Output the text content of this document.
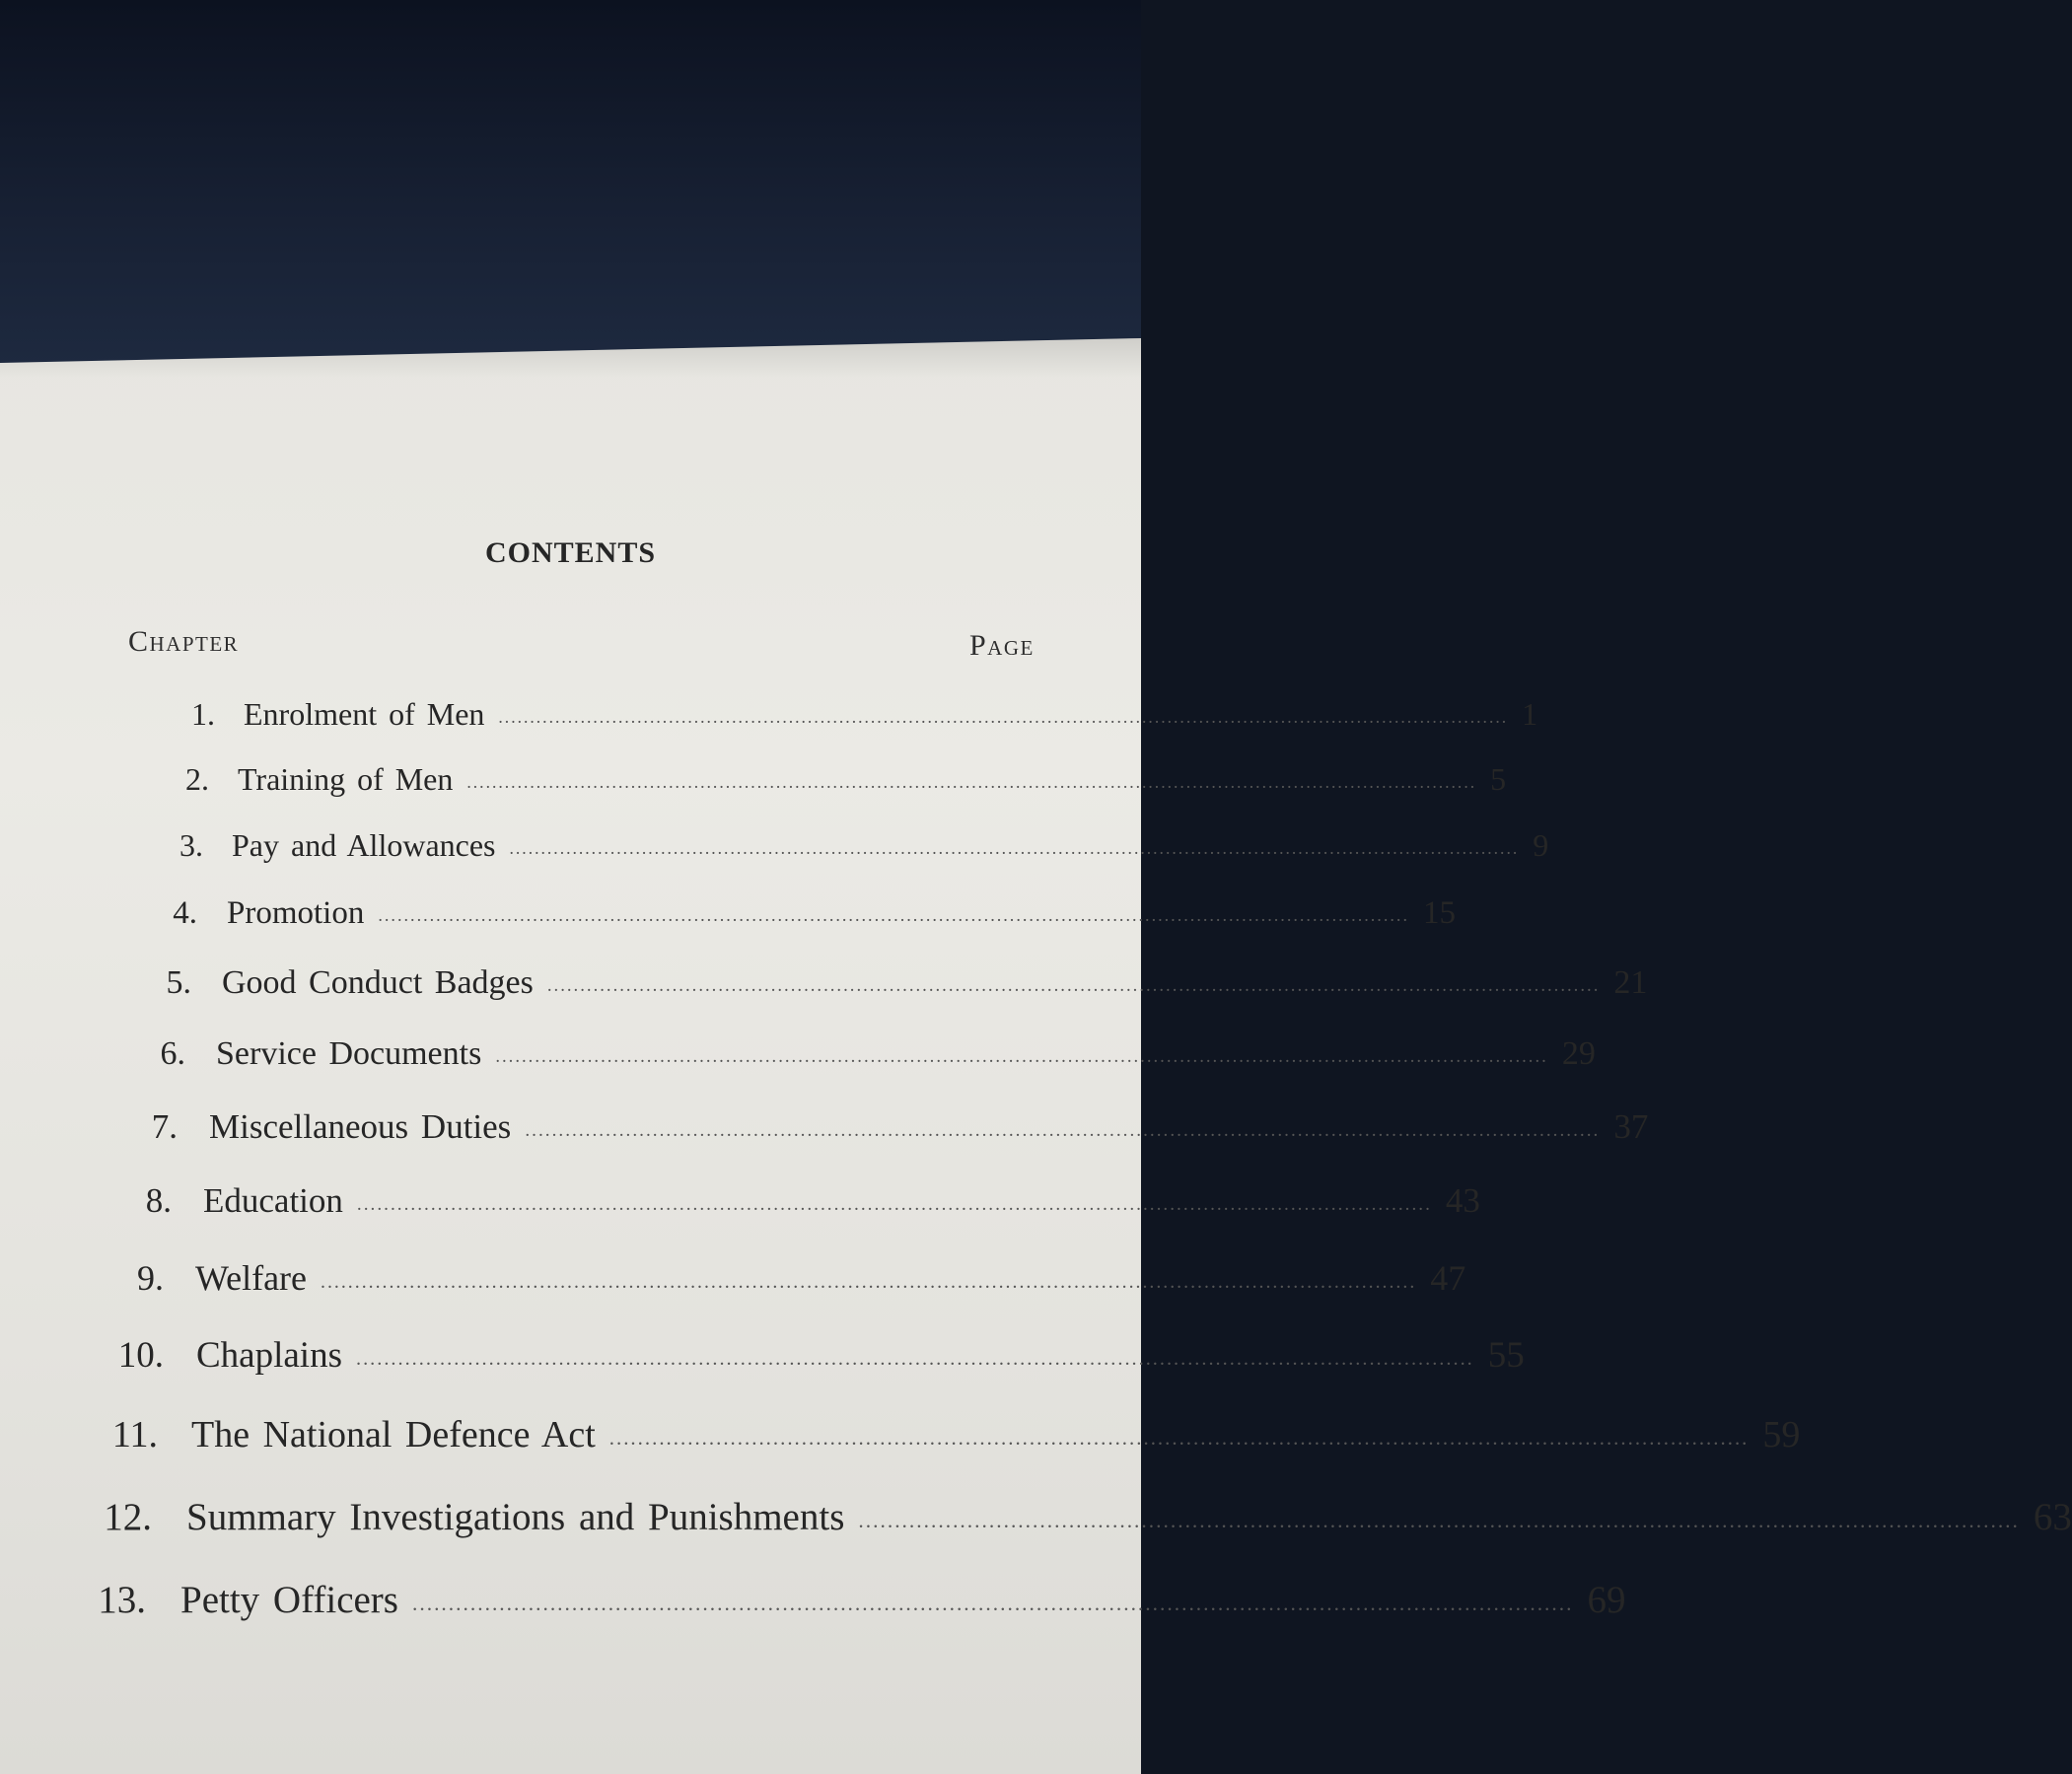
CONTENTS
Chapter	Page
1. Enrolment of Men ................................................................................................................................................................ 1
2. Training of Men ................................................................................................................................................................ 5
3. Pay and Allowances ................................................................................................................................................................ 9
4. Promotion ................................................................................................................................................................ 15
5. Good Conduct Badges ................................................................................................................................................................ 21
6. Service Documents ................................................................................................................................................................ 29
7. Miscellaneous Duties ................................................................................................................................................................ 37
8. Education ................................................................................................................................................................ 43
9. Welfare ................................................................................................................................................................ 47
10. Chaplains ................................................................................................................................................................ 55
11. The National Defence Act ................................................................................................................................................................ 59
12. Summary Investigations and Punishments ................................................................................................................................................................ 63
13. Petty Officers ................................................................................................................................................................ 69
